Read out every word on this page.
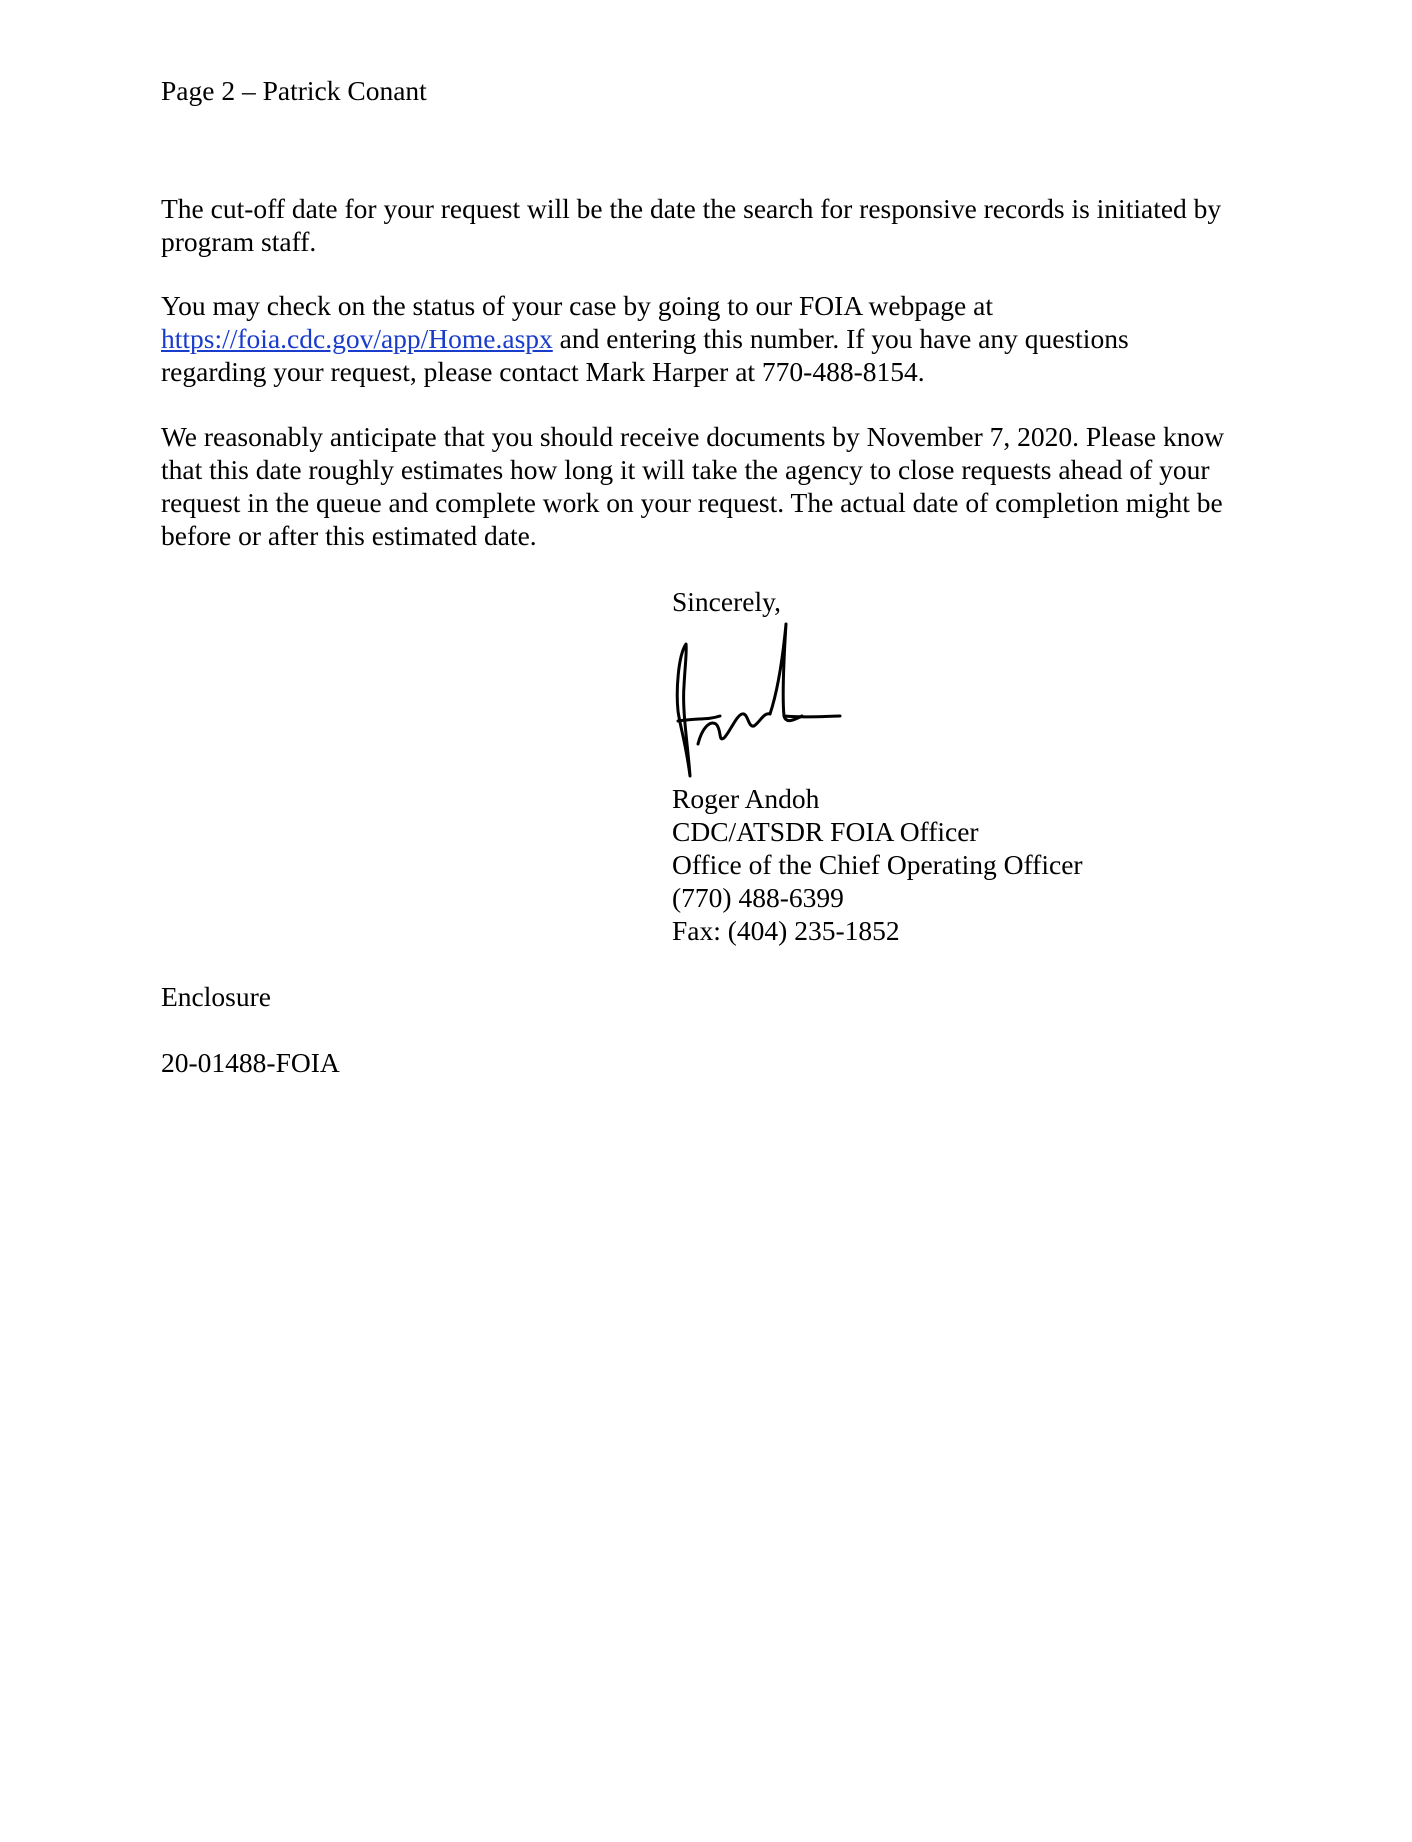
Page 2 – Patrick Conant
The cut-off date for your request will be the date the search for responsive records is initiated by
program staff.
You may check on the status of your case by going to our FOIA webpage at
https://foia.cdc.gov/app/Home.aspx and entering this number. If you have any questions
regarding your request, please contact Mark Harper at 770-488-8154.
We reasonably anticipate that you should receive documents by November 7, 2020. Please know
that this date roughly estimates how long it will take the agency to close requests ahead of your
request in the queue and complete work on your request. The actual date of completion might be
before or after this estimated date.
Sincerely,
Roger Andoh
CDC/ATSDR FOIA Officer
Office of the Chief Operating Officer
(770) 488-6399
Fax: (404) 235-1852
Enclosure
20-01488-FOIA
